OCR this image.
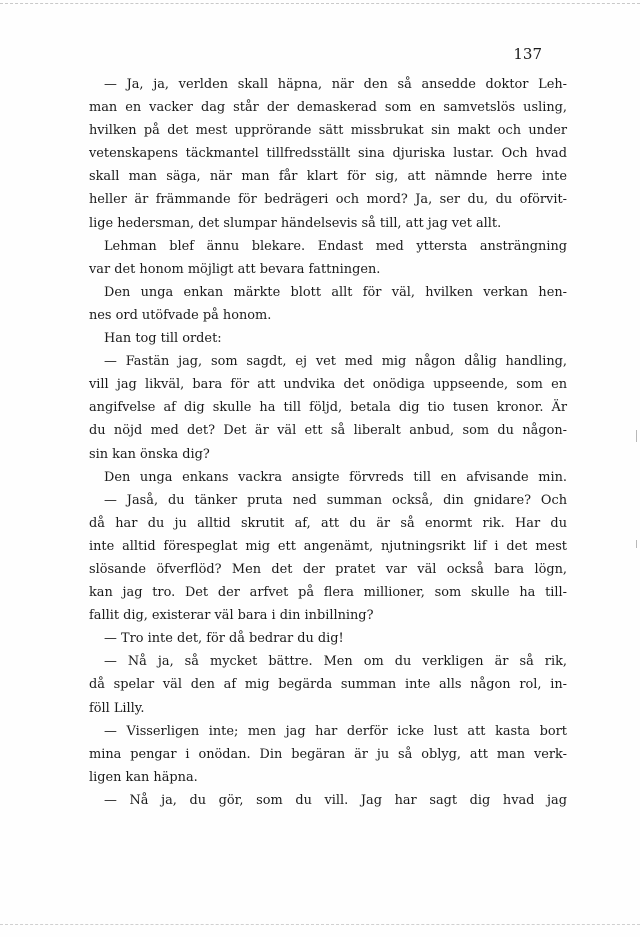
137
— Ja, ja, verlden skall häpna, när den så ansedde doktor Leh-
man en vacker dag står der demaskerad som en samvetslös usling,
hvilken på det mest upprörande sätt missbrukat sin makt och under
vetenskapens täckmantel tillfredsställt sina djuriska lustar. Och hvad
skall man säga, när man får klart för sig, att nämnde herre inte
heller är främmande för bedrägeri och mord? Ja, ser du, du oförvit-
lige hedersman, det slumpar händelsevis så till, att jag vet allt.
Lehman blef ännu blekare. Endast med yttersta ansträngning
var det honom möjligt att bevara fattningen.
Den unga enkan märkte blott allt för väl, hvilken verkan hen-
nes ord utöfvade på honom.
Han tog till ordet:
— Fastän jag, som sagdt, ej vet med mig någon dålig handling,
vill jag likväl, bara för att undvika det onödiga uppseende, som en
angifvelse af dig skulle ha till följd, betala dig tio tusen kronor. Är
du nöjd med det? Det är väl ett så liberalt anbud, som du någon-
sin kan önska dig?
Den unga enkans vackra ansigte förvreds till en afvisande min.
— Jaså, du tänker pruta ned summan också, din gnidare? Och
då har du ju alltid skrutit af, att du är så enormt rik. Har du
inte alltid förespeglat mig ett angenämt, njutningsrikt lif i det mest
slösande öfverflöd? Men det der pratet var väl också bara lögn,
kan jag tro. Det der arfvet på flera millioner, som skulle ha till-
fallit dig, existerar väl bara i din inbillning?
— Tro inte det, för då bedrar du dig!
— Nå ja, så mycket bättre. Men om du verkligen är så rik,
då spelar väl den af mig begärda summan inte alls någon rol, in-
föll Lilly.
— Visserligen inte; men jag har derför icke lust att kasta bort
mina pengar i onödan. Din begäran är ju så oblyg, att man verk-
ligen kan häpna.
— Nå ja, du gör, som du vill. Jag har sagt dig hvad jag
